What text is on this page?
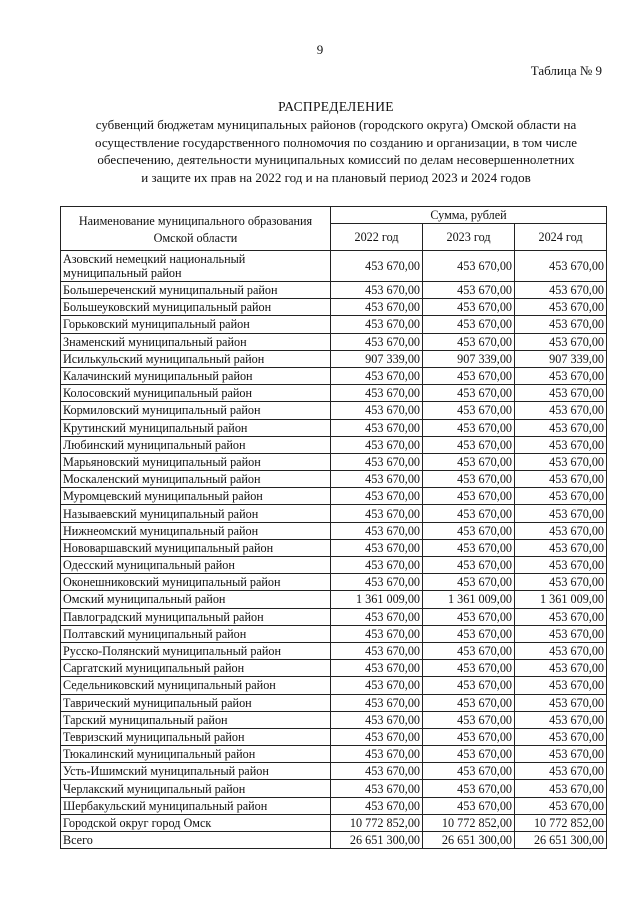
9
Таблица № 9
РАСПРЕДЕЛЕНИЕ
субвенций бюджетам муниципальных районов (городского округа) Омской области на
осуществление государственного полномочия по созданию и организации, в том числе
обеспечению, деятельности муниципальных комиссий по делам несовершеннолетних
и защите их прав на 2022 год и на плановый период 2023 и 2024 годов
Наименование муниципального образования Омской области	Сумма, рублей		
	2022 год	2023 год	2024 год
Азовский немецкий национальный муниципальный район	453 670,00	453 670,00	453 670,00
Большереченский муниципальный район	453 670,00	453 670,00	453 670,00
Большеуковский муниципальный район	453 670,00	453 670,00	453 670,00
Горьковский муниципальный район	453 670,00	453 670,00	453 670,00
Знаменский муниципальный район	453 670,00	453 670,00	453 670,00
Исилькульский муниципальный район	907 339,00	907 339,00	907 339,00
Калачинский муниципальный район	453 670,00	453 670,00	453 670,00
Колосовский муниципальный район	453 670,00	453 670,00	453 670,00
Кормиловский муниципальный район	453 670,00	453 670,00	453 670,00
Крутинский муниципальный район	453 670,00	453 670,00	453 670,00
Любинский муниципальный район	453 670,00	453 670,00	453 670,00
Марьяновский муниципальный район	453 670,00	453 670,00	453 670,00
Москаленский муниципальный район	453 670,00	453 670,00	453 670,00
Муромцевский муниципальный район	453 670,00	453 670,00	453 670,00
Называевский муниципальный район	453 670,00	453 670,00	453 670,00
Нижнеомский муниципальный район	453 670,00	453 670,00	453 670,00
Нововаршавский муниципальный район	453 670,00	453 670,00	453 670,00
Одесский муниципальный район	453 670,00	453 670,00	453 670,00
Оконешниковский муниципальный район	453 670,00	453 670,00	453 670,00
Омский муниципальный район	1 361 009,00	1 361 009,00	1 361 009,00
Павлоградский муниципальный район	453 670,00	453 670,00	453 670,00
Полтавский муниципальный район	453 670,00	453 670,00	453 670,00
Русско-Полянский муниципальный район	453 670,00	453 670,00	453 670,00
Саргатский муниципальный район	453 670,00	453 670,00	453 670,00
Седельниковский муниципальный район	453 670,00	453 670,00	453 670,00
Таврический муниципальный район	453 670,00	453 670,00	453 670,00
Тарский муниципальный район	453 670,00	453 670,00	453 670,00
Тевризский муниципальный район	453 670,00	453 670,00	453 670,00
Тюкалинский муниципальный район	453 670,00	453 670,00	453 670,00
Усть-Ишимский муниципальный район	453 670,00	453 670,00	453 670,00
Черлакский муниципальный район	453 670,00	453 670,00	453 670,00
Шербакульский муниципальный район	453 670,00	453 670,00	453 670,00
Городской округ город Омск	10 772 852,00	10 772 852,00	10 772 852,00
Всего	26 651 300,00	26 651 300,00	26 651 300,00
